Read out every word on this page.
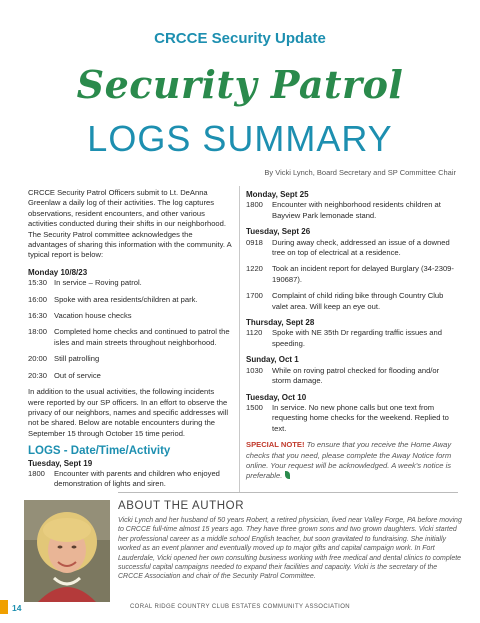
CRCCE Security Update
Security Patrol
LOGS SUMMARY
By Vicki Lynch, Board Secretary and SP Committee Chair

CRCCE Security Patrol Officers submit to Lt. DeAnna Greenlaw a daily log of their activities. The log captures observations, resident encounters, and other various activities conducted during their shifts in our neighborhood. The Security Patrol committee acknowledges the advantages of sharing this information with the community. A typical report is below:

Monday 10/8/23
15:30 In service – Roving patrol.
16:00 Spoke with area residents/children at park.
16:30 Vacation house checks
18:00 Completed home checks and continued to patrol the isles and main streets throughout neighborhood.
20:00 Still patrolling
20:30 Out of service

In addition to the usual activities, the following incidents were reported by our SP officers. In an effort to observe the privacy of our neighbors, names and specific addresses will not be shared. Below are notable encounters during the September 15 through October 15 time period.

LOGS - Date/Time/Activity
Tuesday, Sept 19
1800	Encounter with parents and children who enjoyed demonstration of lights and siren.
Monday, Sept 25
1800	Encounter with neighborhood residents children at Bayview Park lemonade stand.
Tuesday, Sept 26
0918	During away check, addressed an issue of a downed tree on top of electrical at a residence.
1220	Took an incident report for delayed Burglary (34-2309-190687).
1700	Complaint of child riding bike through Country Club valet area. Will keep an eye out.
Thursday, Sept 28
1120	Spoke with NE 35th Dr regarding traffic issues and speeding.
Sunday, Oct 1
1030	While on roving patrol checked for flooding and/or storm damage.
Tuesday, Oct 10
1500	In service. No new phone calls but one text from requesting home checks for the weekend. Replied to text.

SPECIAL NOTE! To ensure that you receive the Home Away checks that you need, please complete the Away Notice form online. Your request will be acknowledged. A week's notice is preferable.

ABOUT THE AUTHOR
Vicki Lynch and her husband of 50 years Robert, a retired physician, lived near Valley Forge, PA before moving to CRCCE full-time almost 15 years ago. They have three grown sons and two grown daughters. Vicki started her professional career as a middle school English teacher, but soon gravitated to fundraising. She initially worked as an event planner and eventually moved up to major gifts and capital campaign work. In Fort Lauderdale, Vicki opened her own consulting business working with free medical and dental clinics to complete successful capital campaigns needed to expand their facilities and capacity. Vicki is the secretary of the CRCCE Association and chair of the Security Patrol Committee.
14	CORAL RIDGE COUNTRY CLUB ESTATES COMMUNITY ASSOCIATION
